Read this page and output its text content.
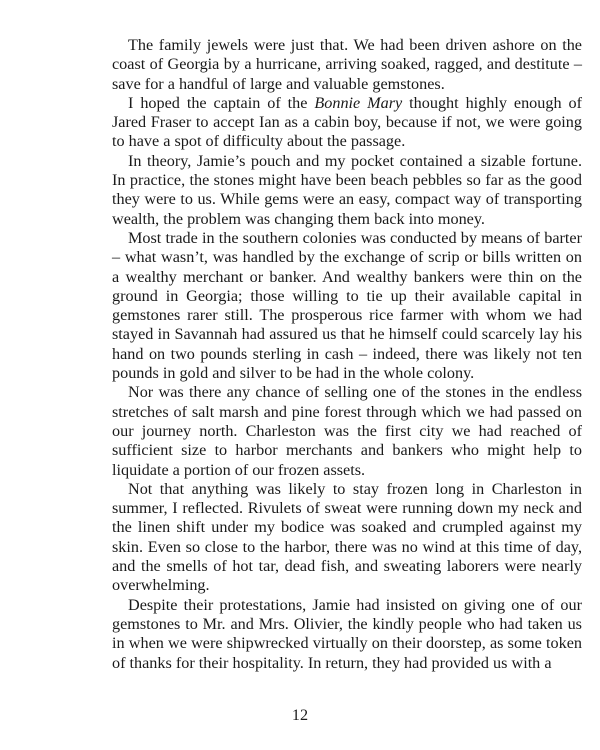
The family jewels were just that. We had been driven ashore on the coast of Georgia by a hurricane, arriving soaked, ragged, and destitute – save for a handful of large and valuable gemstones.

I hoped the captain of the Bonnie Mary thought highly enough of Jared Fraser to accept Ian as a cabin boy, because if not, we were going to have a spot of difficulty about the passage.

In theory, Jamie’s pouch and my pocket contained a sizable fortune. In practice, the stones might have been beach pebbles so far as the good they were to us. While gems were an easy, compact way of transporting wealth, the problem was changing them back into money.

Most trade in the southern colonies was conducted by means of barter – what wasn’t, was handled by the exchange of scrip or bills written on a wealthy merchant or banker. And wealthy bankers were thin on the ground in Georgia; those willing to tie up their available capital in gemstones rarer still. The prosperous rice farmer with whom we had stayed in Savannah had assured us that he himself could scarcely lay his hand on two pounds sterling in cash – indeed, there was likely not ten pounds in gold and silver to be had in the whole colony.

Nor was there any chance of selling one of the stones in the endless stretches of salt marsh and pine forest through which we had passed on our journey north. Charleston was the first city we had reached of sufficient size to harbor merchants and bankers who might help to liquidate a portion of our frozen assets.

Not that anything was likely to stay frozen long in Charleston in summer, I reflected. Rivulets of sweat were running down my neck and the linen shift under my bodice was soaked and crumpled against my skin. Even so close to the harbor, there was no wind at this time of day, and the smells of hot tar, dead fish, and sweating laborers were nearly overwhelming.

Despite their protestations, Jamie had insisted on giving one of our gemstones to Mr. and Mrs. Olivier, the kindly people who had taken us in when we were shipwrecked virtually on their doorstep, as some token of thanks for their hospitality. In return, they had provided us with a

12
